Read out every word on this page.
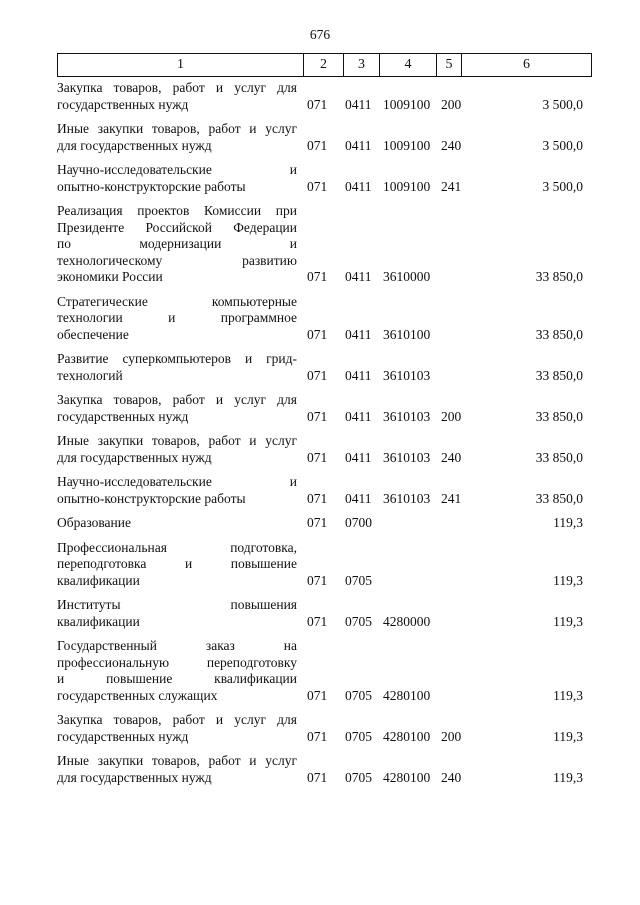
676
1	2	3	4	5	6
Закупка товаров, работ и услуг для
государственных нужд	071	0411 1009100 200	3 500,0
Иные закупки товаров, работ и услуг
для государственных нужд	071	0411 1009100 240	3 500,0
Научно-исследовательские и
опытно-конструкторские работы	071	0411 1009100 241	3 500,0
Реализация проектов Комиссии при
Президенте Российской Федерации
по модернизации и
технологическому развитию
экономики России	071	0411 3610000	33 850,0
Стратегические компьютерные
технологии и программное
обеспечение	071	0411 3610100	33 850,0
Развитие суперкомпьютеров и грид-
технологий	071	0411 3610103	33 850,0
Закупка товаров, работ и услуг для
государственных нужд	071	0411 3610103 200	33 850,0
Иные закупки товаров, работ и услуг
для государственных нужд	071	0411 3610103 240	33 850,0
Научно-исследовательские и
опытно-конструкторские работы	071	0411 3610103 241	33 850,0
Образование	071	0700	119,3
Профессиональная подготовка,
переподготовка и повышение
квалификации	071	0705	119,3
Институты повышения
квалификации	071	0705 4280000	119,3
Государственный заказ на
профессиональную переподготовку
и повышение квалификации
государственных служащих	071	0705 4280100	119,3
Закупка товаров, работ и услуг для
государственных нужд	071	0705 4280100 200	119,3
Иные закупки товаров, работ и услуг
для государственных нужд	071	0705 4280100 240	119,3
